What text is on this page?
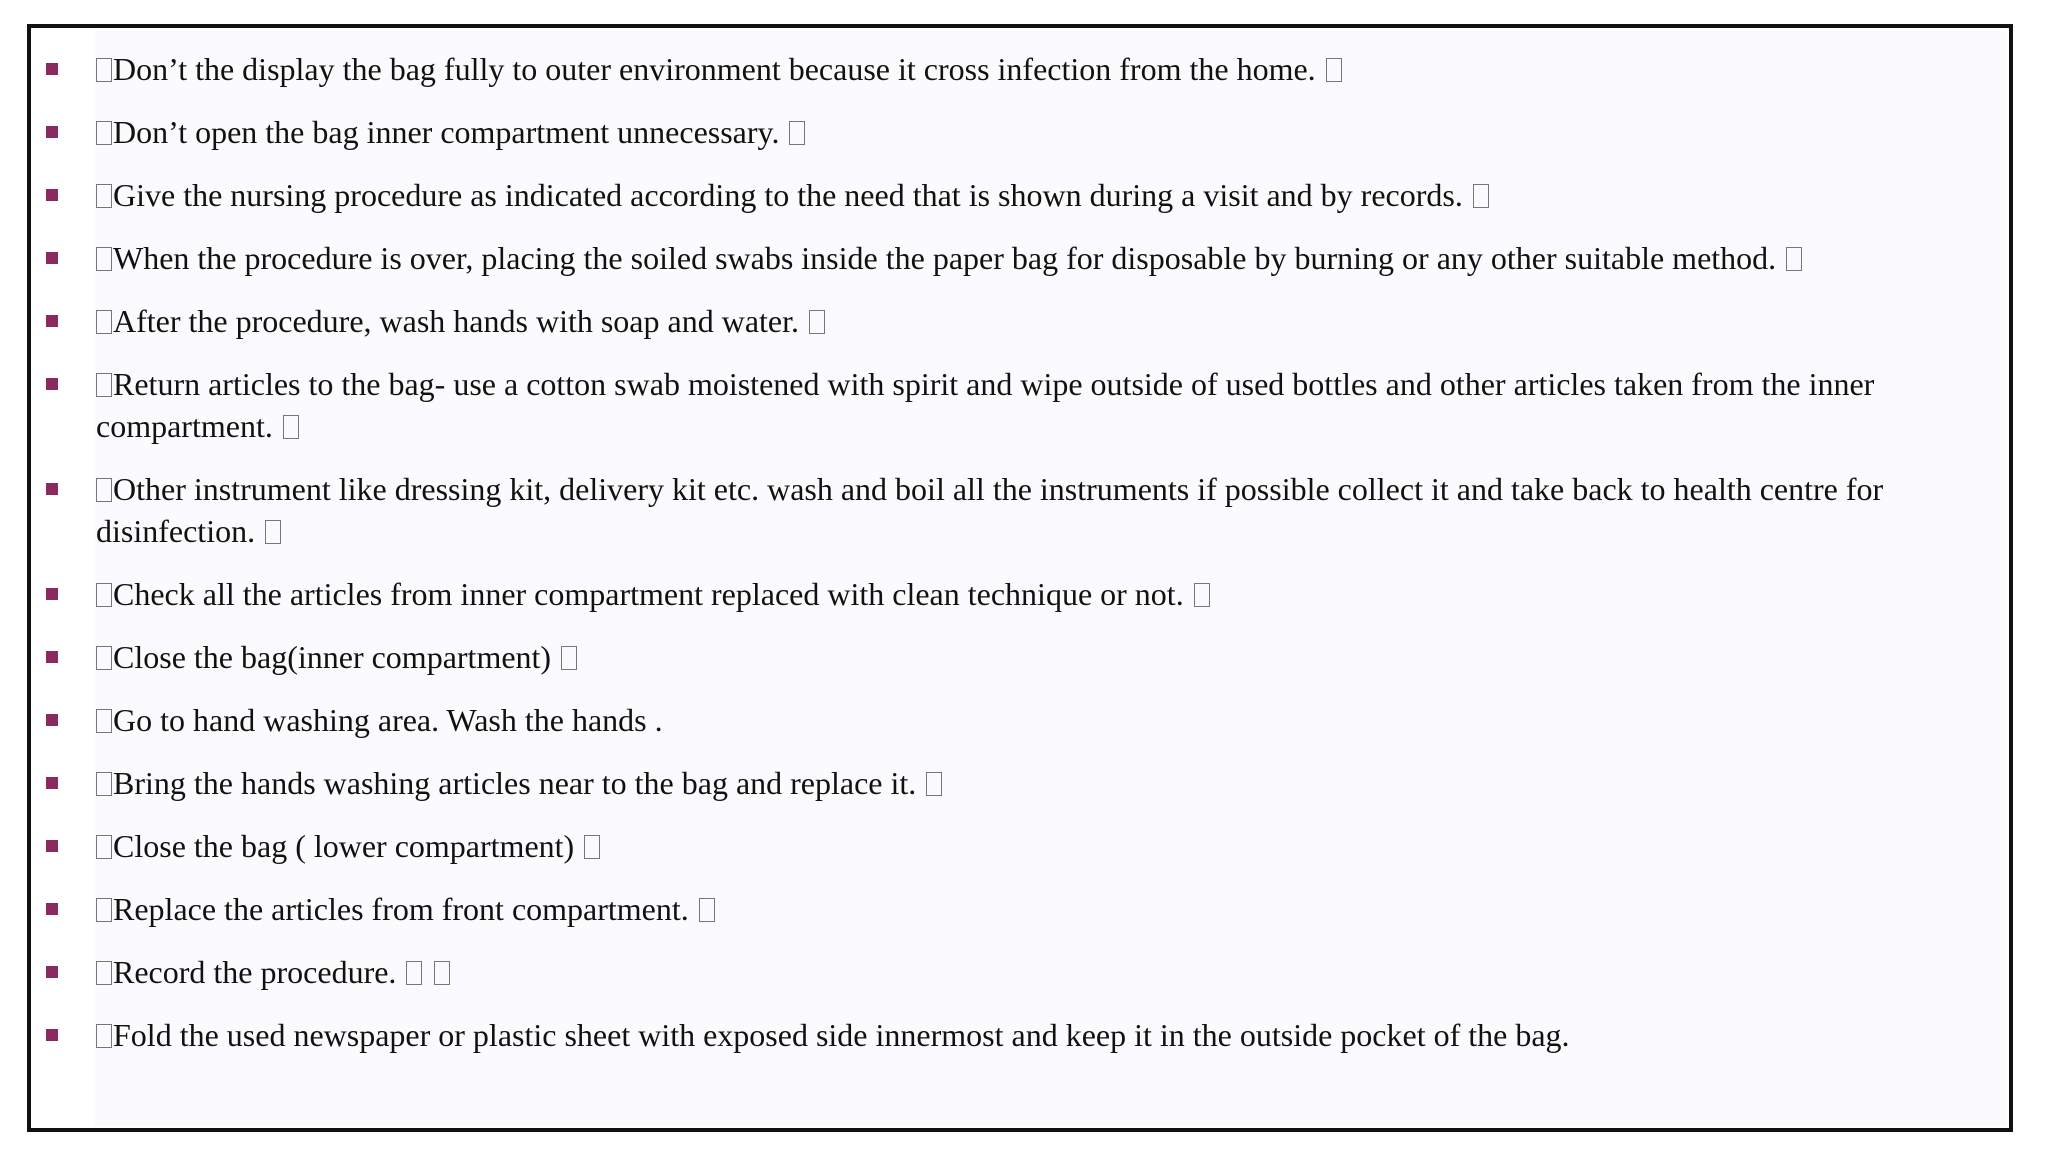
Don’t the display the bag fully to outer environment because it cross infection from the home.
Don’t open the bag inner compartment unnecessary.
Give the nursing procedure as indicated according to the need that is shown during a visit and by records.
When the procedure is over, placing the soiled swabs inside the paper bag for disposable by burning or any other suitable method.
After the procedure, wash hands with soap and water.
Return articles to the bag- use a cotton swab moistened with spirit and wipe outside of used bottles and other articles taken from the inner compartment.
Other instrument like dressing kit, delivery kit etc. wash and boil all the instruments if possible collect it and take back to health centre for disinfection.
Check all the articles from inner compartment replaced with clean technique or not.
Close the bag(inner compartment)
Go to hand washing area. Wash the hands .
Bring the hands washing articles near to the bag and replace it.
Close the bag ( lower compartment)
Replace the articles from front compartment.
Record the procedure.
Fold the used newspaper or plastic sheet with exposed side innermost and keep it in the outside pocket of the bag.
